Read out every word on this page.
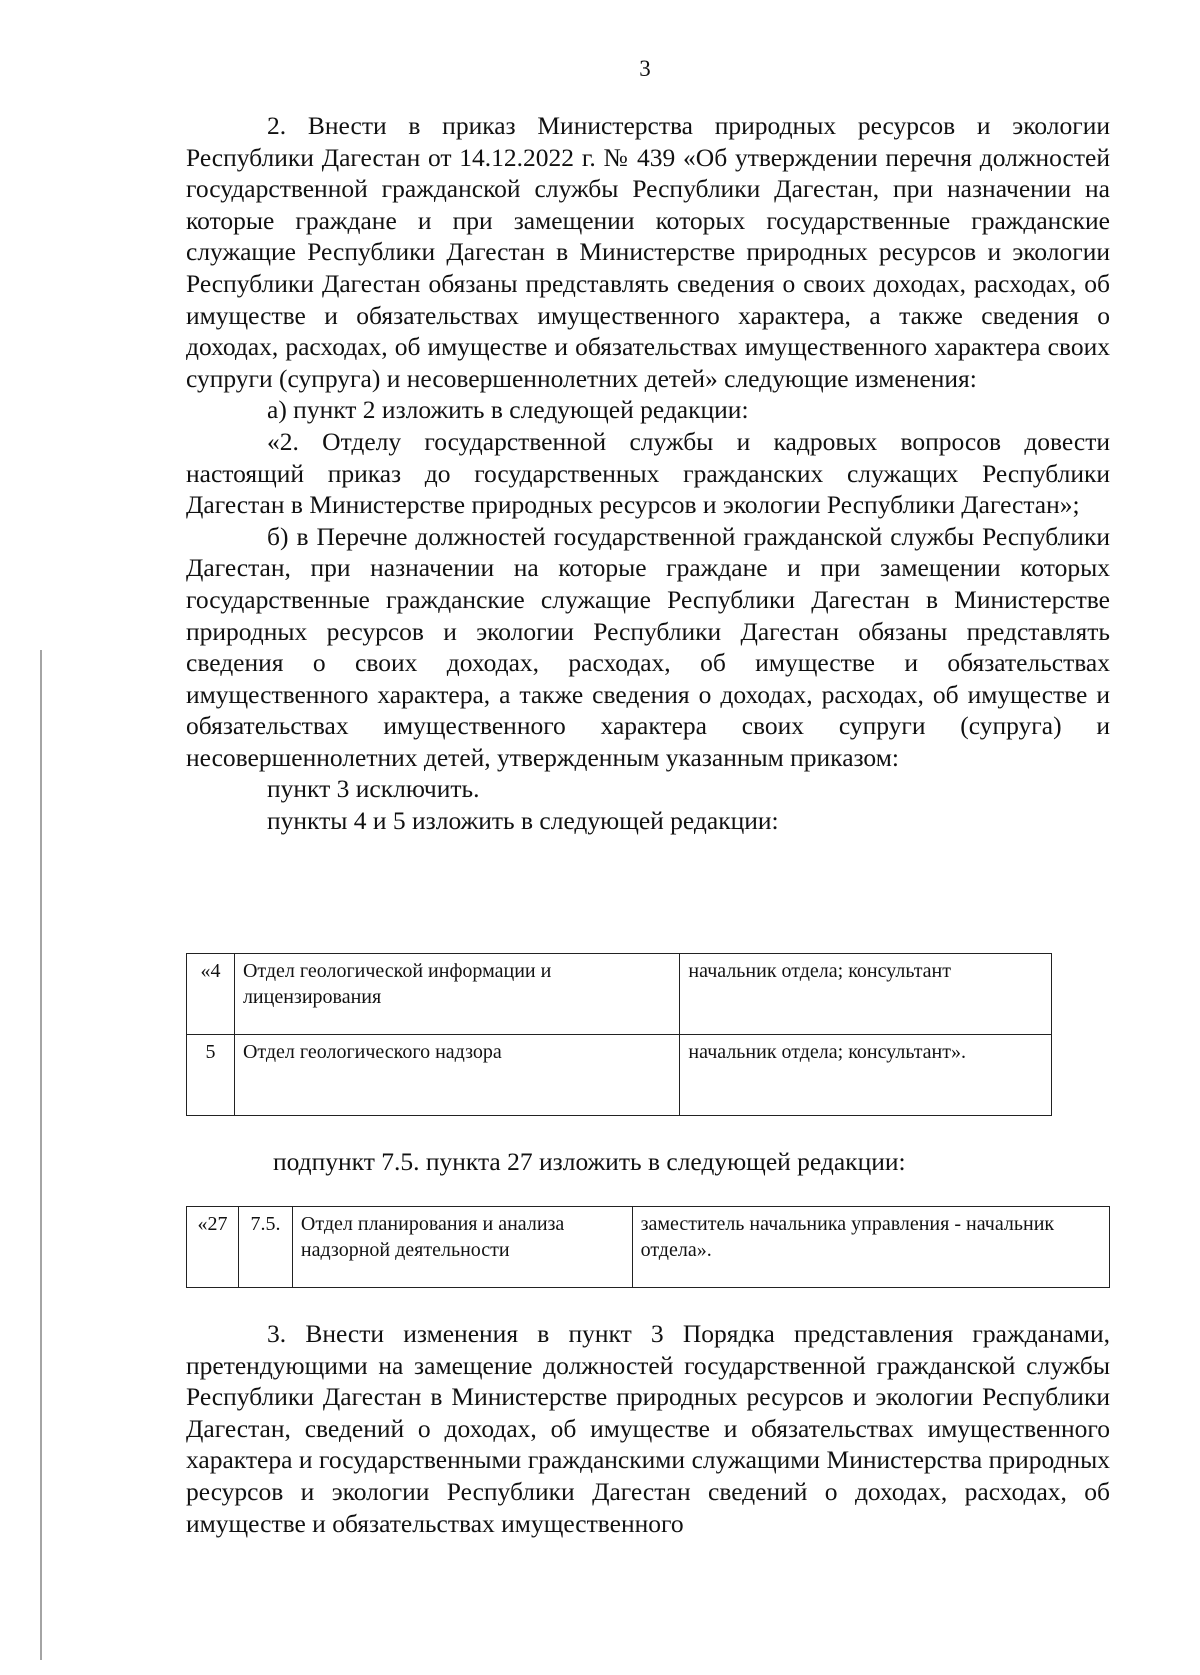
3

2. Внести в приказ Министерства природных ресурсов и экологии Республики Дагестан от 14.12.2022 г. № 439 «Об утверждении перечня должностей государственной гражданской службы Республики Дагестан, при назначении на которые граждане и при замещении которых государственные гражданские служащие Республики Дагестан в Министерстве природных ресурсов и экологии Республики Дагестан обязаны представлять сведения о своих доходах, расходах, об имуществе и обязательствах имущественного характера, а также сведения о доходах, расходах, об имуществе и обязательствах имущественного характера своих супруги (супруга) и несовершеннолетних детей» следующие изменения:

а) пункт 2 изложить в следующей редакции:

«2. Отделу государственной службы и кадровых вопросов довести настоящий приказ до государственных гражданских служащих Республики Дагестан в Министерстве природных ресурсов и экологии Республики Дагестан»;

б) в Перечне должностей государственной гражданской службы Республики Дагестан, при назначении на которые граждане и при замещении которых государственные гражданские служащие Республики Дагестан в Министерстве природных ресурсов и экологии Республики Дагестан обязаны представлять сведения о своих доходах, расходах, об имуществе и обязательствах имущественного характера, а также сведения о доходах, расходах, об имуществе и обязательствах имущественного характера своих супруги (супруга) и несовершеннолетних детей, утвержденным указанным приказом:

пункт 3 исключить.

пункты 4 и 5 изложить в следующей редакции:

«4	Отдел геологической информации и лицензирования	начальник отдела; консультант
5	Отдел геологического надзора	начальник отдела; консультант».
подпункт 7.5. пункта 27 изложить в следующей редакции:
«27	7.5.	Отдел планирования и анализа надзорной деятельности	заместитель начальника управления - начальник отдела».

3. Внести изменения в пункт 3 Порядка представления гражданами, претендующими на замещение должностей государственной гражданской службы Республики Дагестан в Министерстве природных ресурсов и экологии Республики Дагестан, сведений о доходах, об имуществе и обязательствах имущественного характера и государственными гражданскими служащими Министерства природных ресурсов и экологии Республики Дагестан сведений о доходах, расходах, об имуществе и обязательствах имущественного
